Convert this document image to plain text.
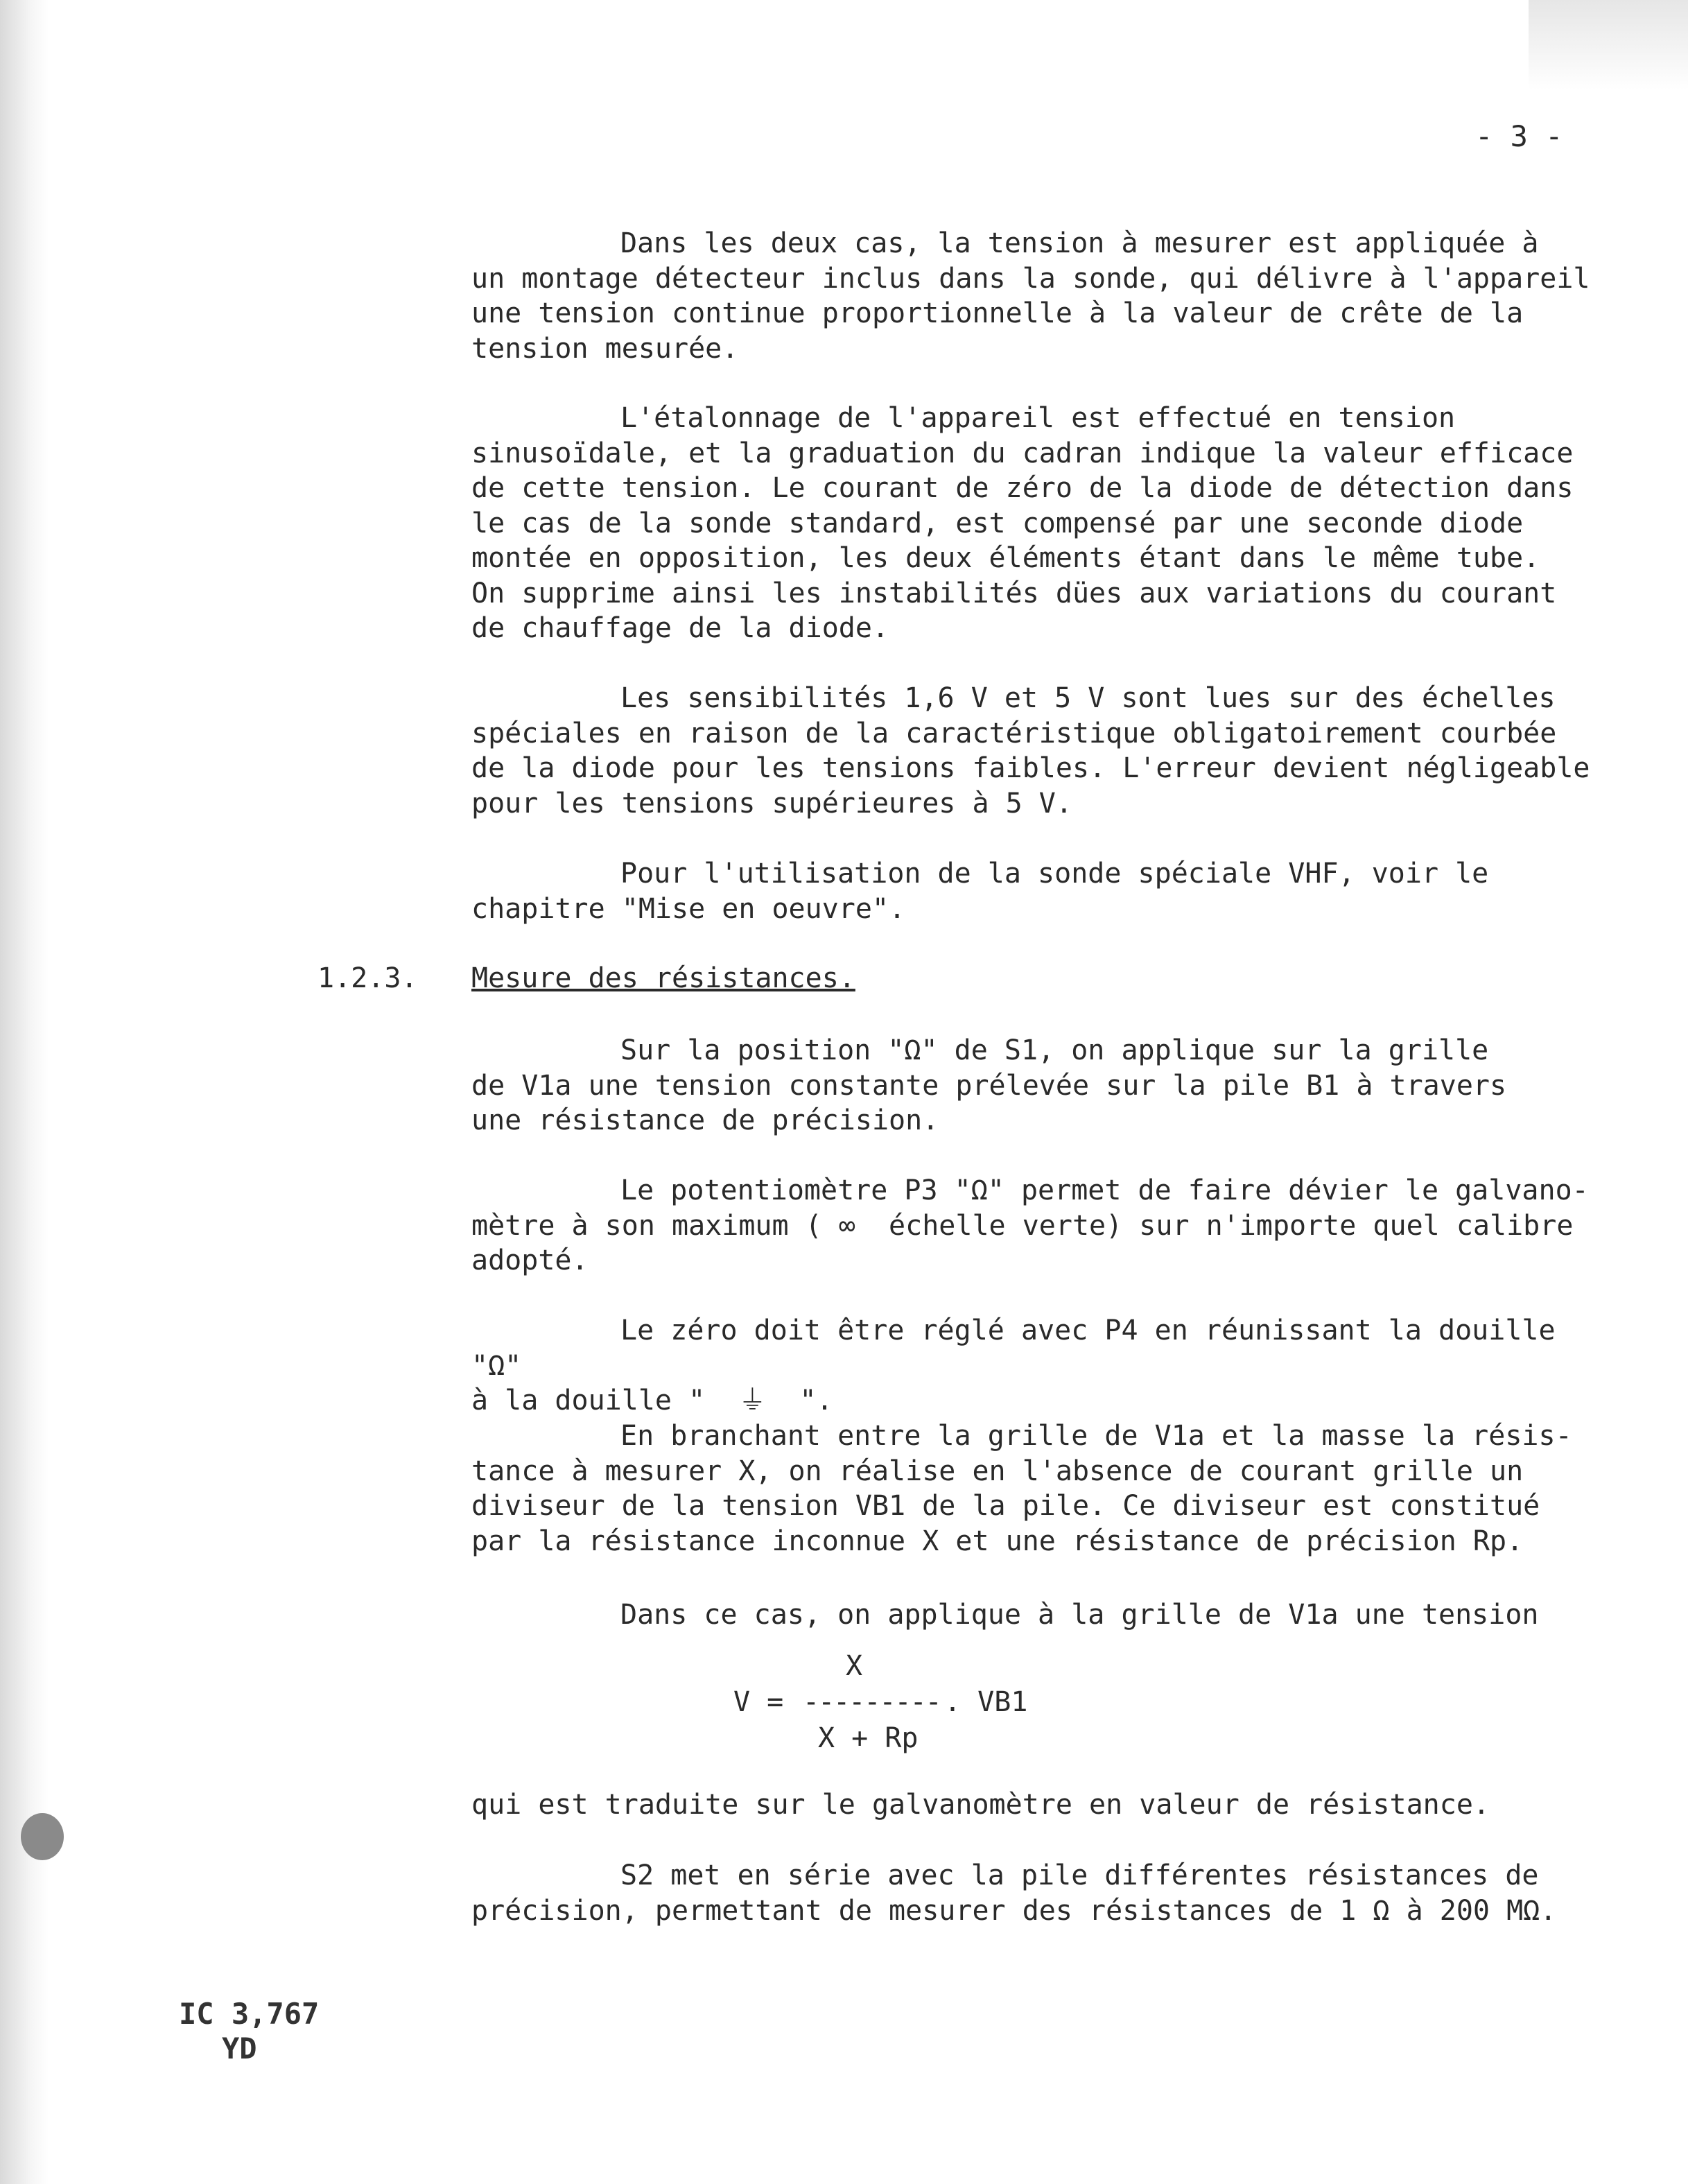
- 3 -

Dans les deux cas, la tension à mesurer est appliquée à
un montage détecteur inclus dans la sonde, qui délivre à l'appareil
une tension continue proportionnelle à la valeur de crête de la
tension mesurée.

L'étalonnage de l'appareil est effectué en tension
sinusoïdale, et la graduation du cadran indique la valeur efficace
de cette tension. Le courant de zéro de la diode de détection dans
le cas de la sonde standard, est compensé par une seconde diode
montée en opposition, les deux éléments étant dans le même tube.
On supprime ainsi les instabilités dües aux variations du courant
de chauffage de la diode.

Les sensibilités 1,6 V et 5 V sont lues sur des échelles
spéciales en raison de la caractéristique obligatoirement courbée
de la diode pour les tensions faibles. L'erreur devient négligeable
pour les tensions supérieures à 5 V.

Pour l'utilisation de la sonde spéciale VHF, voir le
chapitre "Mise en oeuvre".

1.2.3. Mesure des résistances.

Sur la position "Ω" de S1, on applique sur la grille
de V1a une tension constante prélevée sur la pile B1 à travers
une résistance de précision.

Le potentiomètre P3 "Ω" permet de faire dévier le galvano-
mètre à son maximum ( ∞  échelle verte) sur n'importe quel calibre
adopté.

Le zéro doit être réglé avec P4 en réunissant la douille "Ω"
à la douille "  ⏚  ".

En branchant entre la grille de V1a et la masse la résis-
tance à mesurer X, on réalise en l'absence de courant grille un
diviseur de la tension VB1 de la pile. Ce diviseur est constitué
par la résistance inconnue X et une résistance de précision Rp.

Dans ce cas, on applique à la grille de V1a une tension

X
V = --------- . VB1
X + Rp

qui est traduite sur le galvanomètre en valeur de résistance.

S2 met en série avec la pile différentes résistances de
précision, permettant de mesurer des résistances de 1 Ω à 200 MΩ.

IC 3,767
YD
